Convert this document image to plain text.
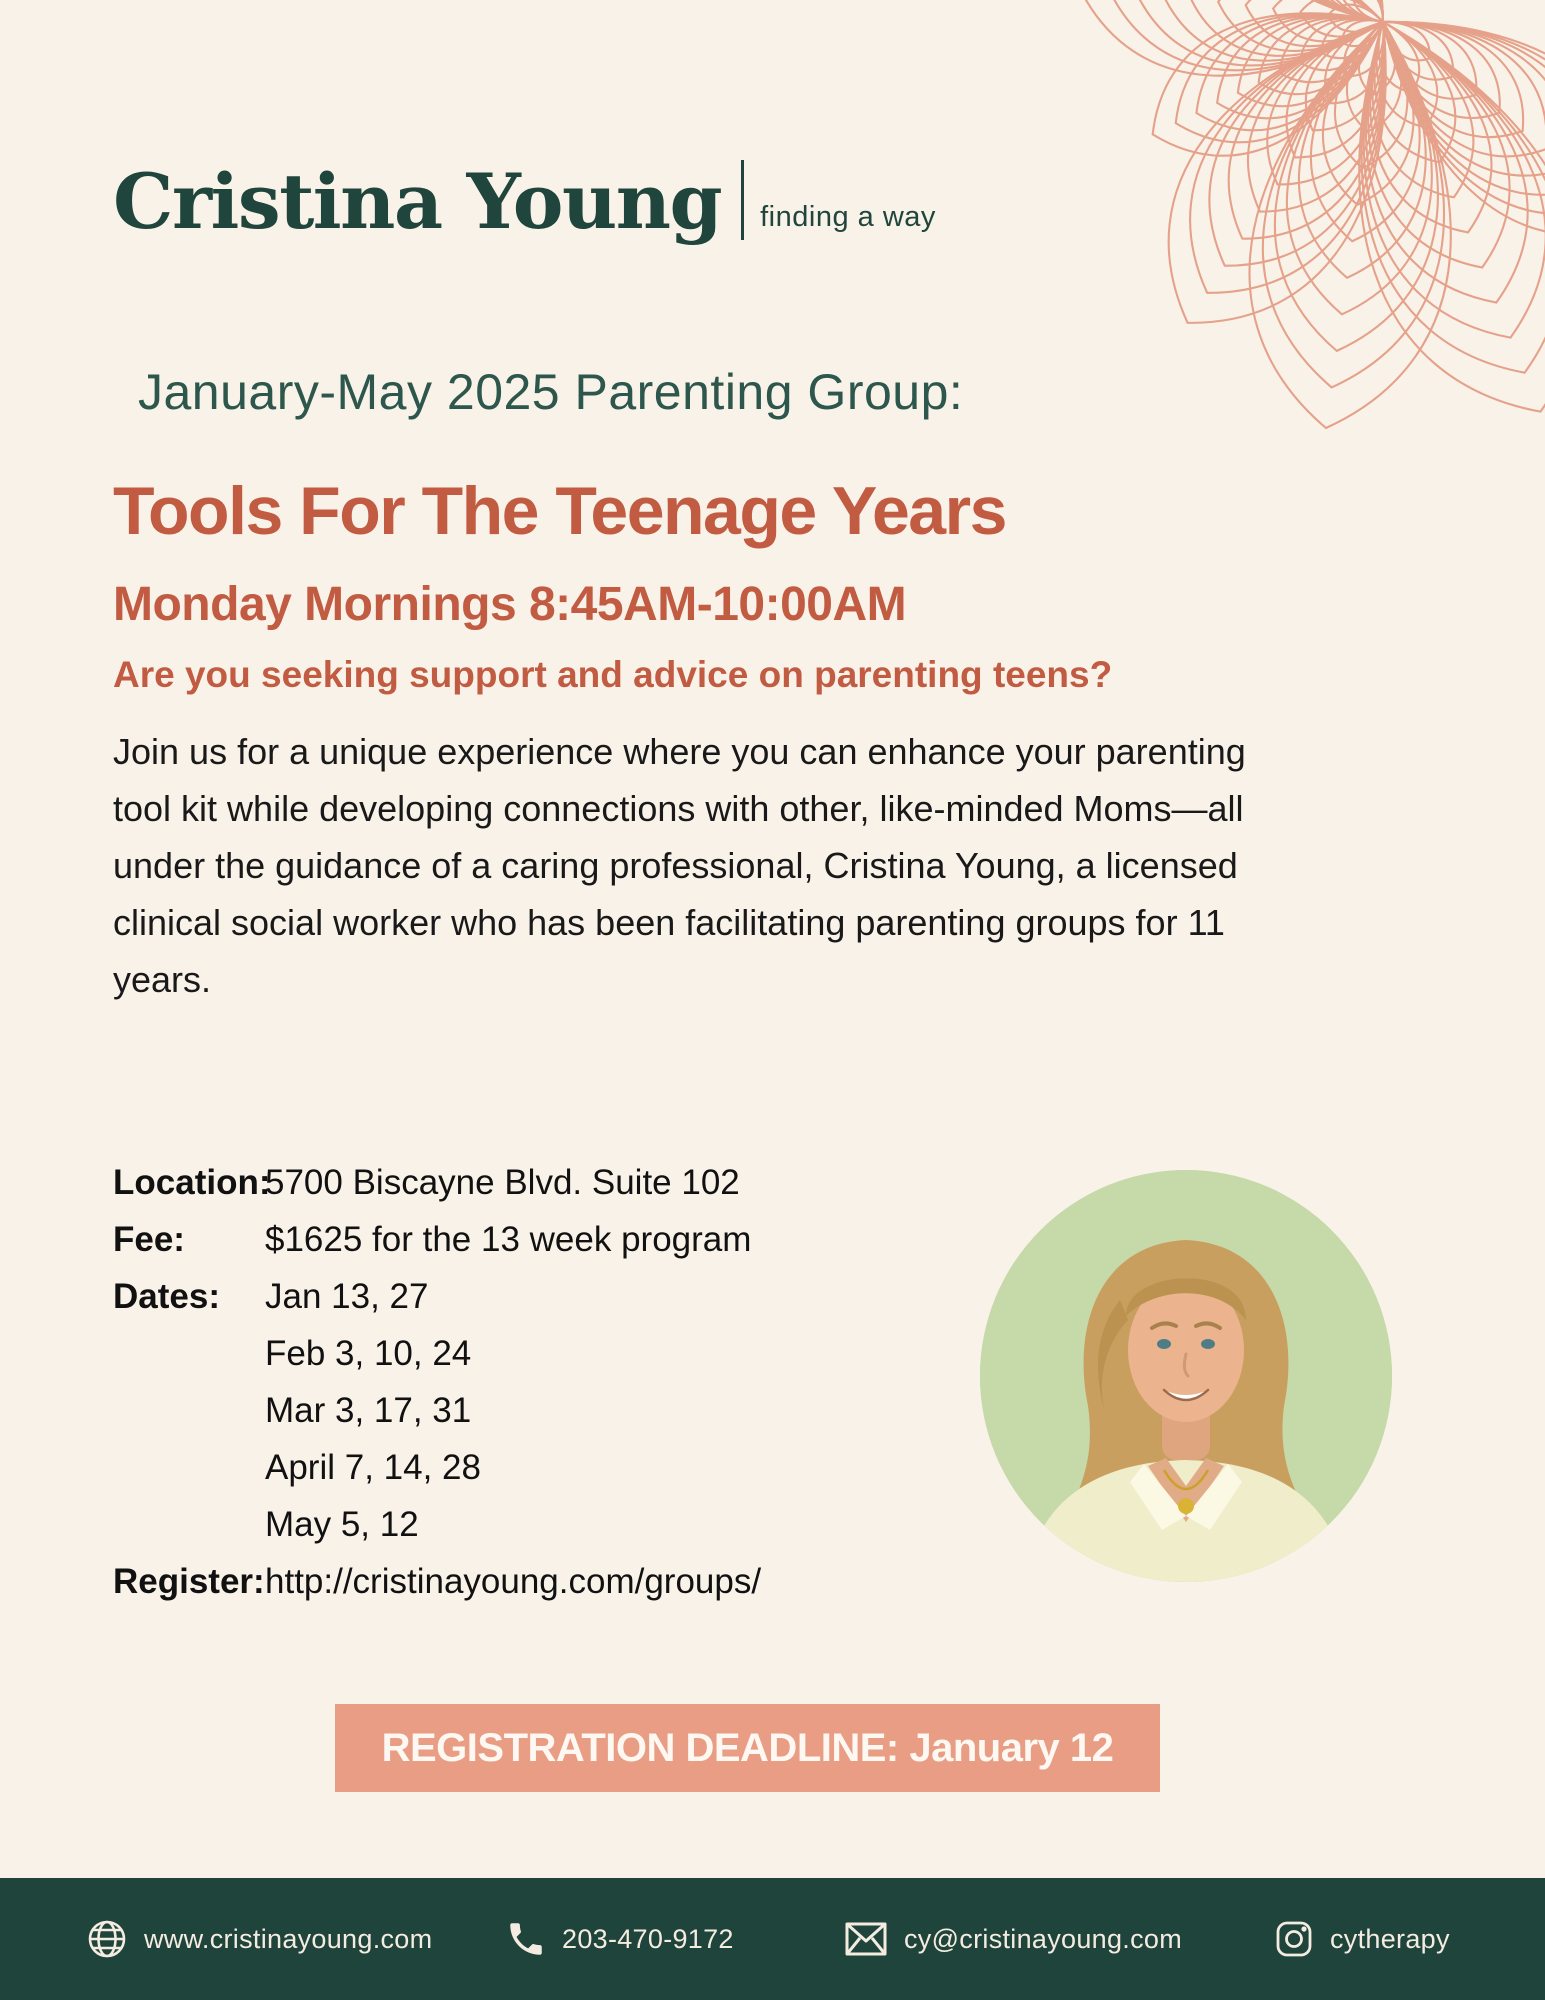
Cristina Young finding a way
January-May 2025 Parenting Group:
Tools For The Teenage Years
Monday Mornings 8:45AM-10:00AM
Are you seeking support and advice on parenting teens?
Join us for a unique experience where you can enhance your parenting tool kit while developing connections with other, like-minded Moms—all under the guidance of a caring professional, Cristina Young, a licensed clinical social worker who has been facilitating parenting groups for 11 years.
Location:
5700 Biscayne Blvd. Suite 102
Fee:	$1625 for the 13 week program
Dates:	Jan 13, 27
Feb 3, 10, 24
Mar 3, 17, 31
April 7, 14, 28
May 5, 12
Register: http://cristinayoung.com/groups/
REGISTRATION DEADLINE: January 12
www.cristinayoung.com	203-470-9172	cy@cristinayoung.com	cytherapy
